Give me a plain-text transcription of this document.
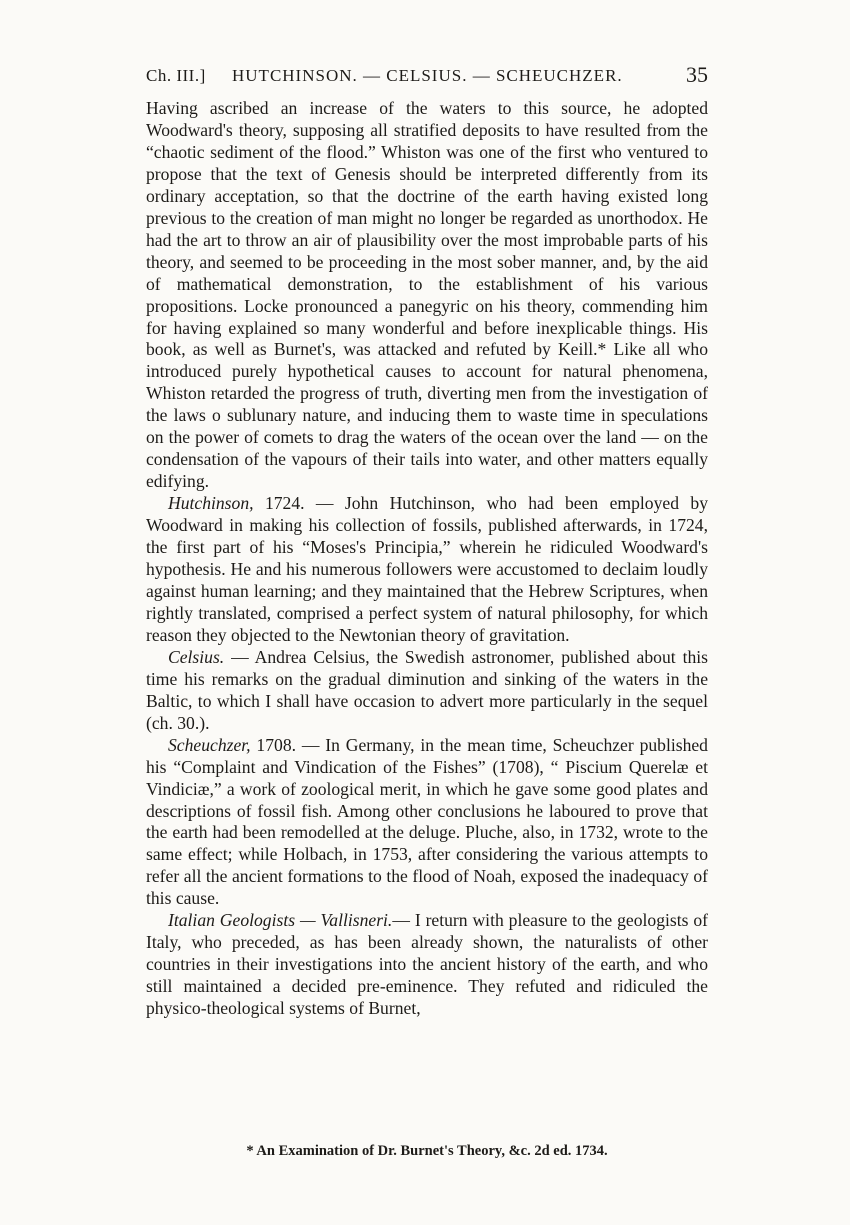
Ch. III.] HUTCHINSON. — CELSIUS. — SCHEUCHZER.	35

Having ascribed an increase of the waters to this source, he adopted Woodward's theory, supposing all stratified deposits to have resulted from the “chaotic sediment of the flood.” Whiston was one of the first who ventured to propose that the text of Genesis should be interpreted differently from its ordinary acceptation, so that the doctrine of the earth having existed long previous to the creation of man might no longer be regarded as unorthodox. He had the art to throw an air of plausibility over the most improbable parts of his theory, and seemed to be proceeding in the most sober manner, and, by the aid of mathematical demonstration, to the establishment of his various propositions. Locke pronounced a panegyric on his theory, commending him for having explained so many wonderful and before inexplicable things. His book, as well as Burnet's, was attacked and refuted by Keill.* Like all who introduced purely hypothetical causes to account for natural phenomena, Whiston retarded the progress of truth, diverting men from the investigation of the laws o sublunary nature, and inducing them to waste time in speculations on the power of comets to drag the waters of the ocean over the land — on the condensation of the vapours of their tails into water, and other matters equally edifying.

Hutchinson, 1724. — John Hutchinson, who had been employed by Woodward in making his collection of fossils, published afterwards, in 1724, the first part of his “Moses's Principia,” wherein he ridiculed Woodward's hypothesis. He and his numerous followers were accustomed to declaim loudly against human learning; and they maintained that the Hebrew Scriptures, when rightly translated, comprised a perfect system of natural philosophy, for which reason they objected to the Newtonian theory of gravitation.

Celsius. — Andrea Celsius, the Swedish astronomer, published about this time his remarks on the gradual diminution and sinking of the waters in the Baltic, to which I shall have occasion to advert more particularly in the sequel (ch. 30.).

Scheuchzer, 1708. — In Germany, in the mean time, Scheuchzer published his “Complaint and Vindication of the Fishes” (1708), “ Piscium Querelæ et Vindiciæ,” a work of zoological merit, in which he gave some good plates and descriptions of fossil fish. Among other conclusions he laboured to prove that the earth had been remodelled at the deluge. Pluche, also, in 1732, wrote to the same effect; while Holbach, in 1753, after considering the various attempts to refer all the ancient formations to the flood of Noah, exposed the inadequacy of this cause.

Italian Geologists — Vallisneri.— I return with pleasure to the geologists of Italy, who preceded, as has been already shown, the naturalists of other countries in their investigations into the ancient history of the earth, and who still maintained a decided pre-eminence. They refuted and ridiculed the physico-theological systems of Burnet,

* An Examination of Dr. Burnet's Theory, &c. 2d ed. 1734.
